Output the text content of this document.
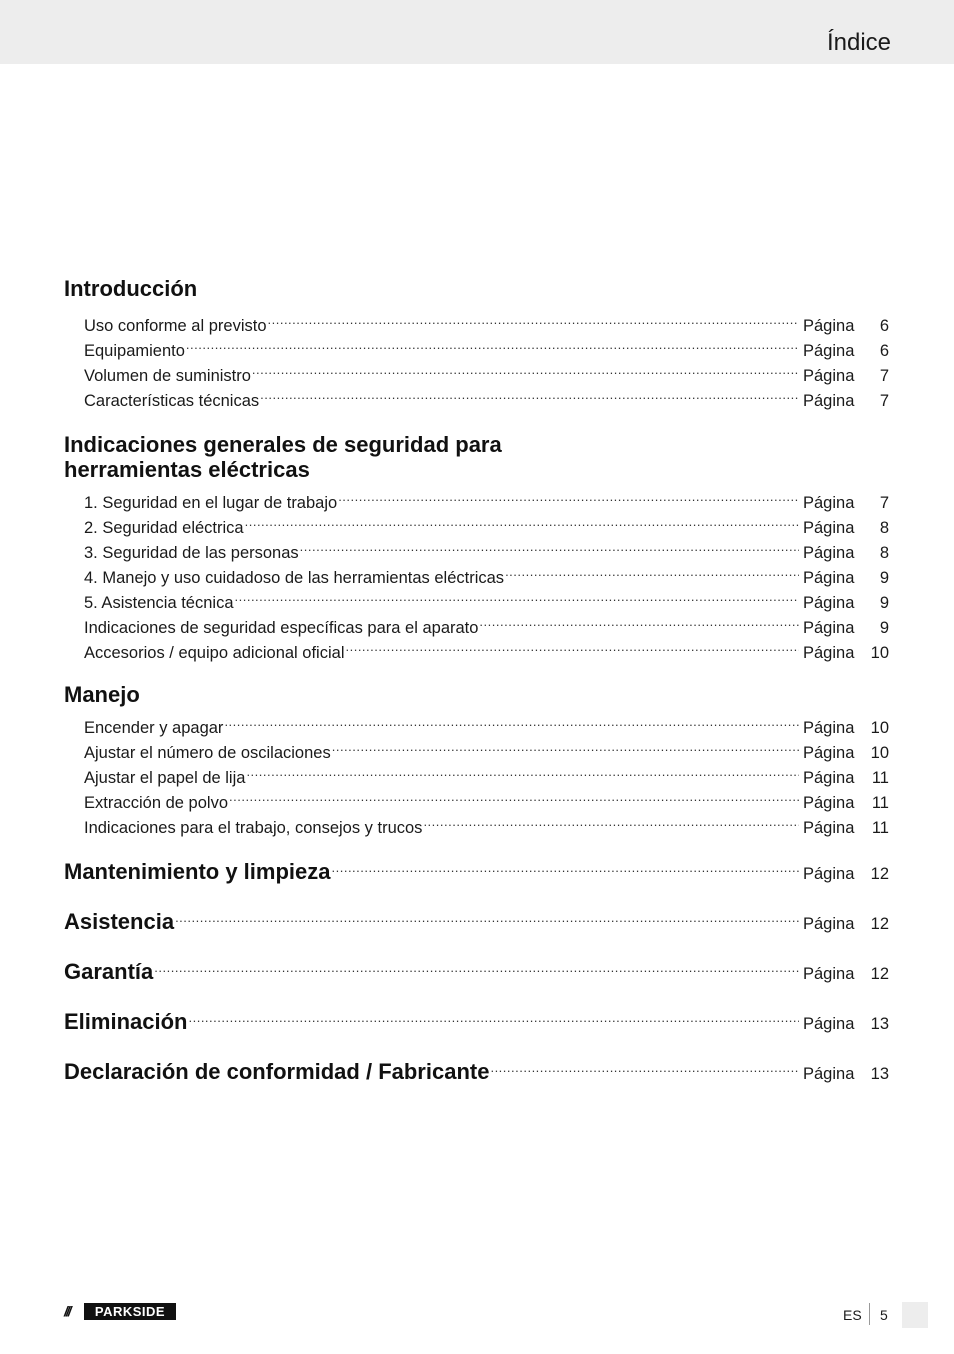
Índice
Introducción
Uso conforme al previsto .....	Página	6
Equipamiento .....	Página	6
Volumen de suministro .....	Página	7
Características técnicas .....	Página	7
Indicaciones generales de seguridad para
herramientas eléctricas
1. Seguridad en el lugar de trabajo .....	Página	7
2. Seguridad eléctrica .....	Página	8
3. Seguridad de las personas .....	Página	8
4. Manejo y uso cuidadoso de las herramientas eléctricas .....	Página	9
5. Asistencia técnica .....	Página	9
Indicaciones de seguridad específicas para el aparato .....	Página	9
Accesorios / equipo adicional oficial .....	Página 10
Manejo
Encender y apagar .....	Página 10
Ajustar el número de oscilaciones .....	Página 10
Ajustar el papel de lija .....	Página	11
Extracción de polvo .....	Página	11
Indicaciones para el trabajo, consejos y trucos .....	Página	11
Mantenimiento y limpieza .....	Página 12
Asistencia .....	Página 12
Garantía .....	Página 12
Eliminación .....	Página 13
Declaración de conformidad / Fabricante .....	Página 13
///	PARKSIDE	ES 5
